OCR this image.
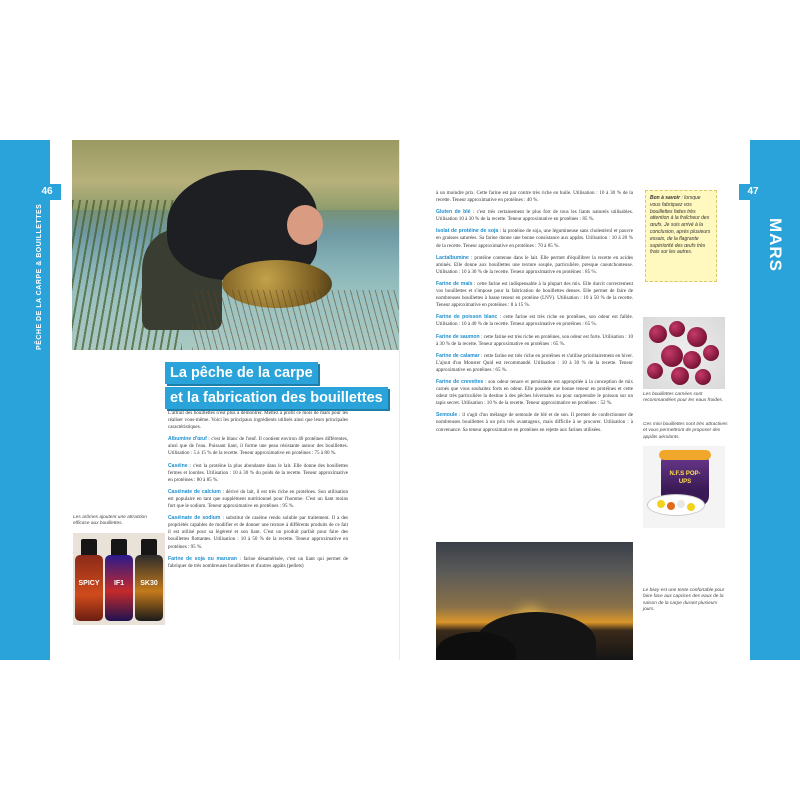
46
PÊCHE DE LA CARPE & BOUILLETTES
La pêche de la carpe
et la fabrication des bouillettes

L'attrait des bouillettes n'est plus à démontrer. Mettez à profit ce mois de mars pour les réaliser vous-même. Voici les principaux ingrédients utilisés ainsi que leurs principales caractéristiques.

Albumine d'œuf : c'est le blanc de l'œuf. Il contient environ 40 protéines différentes, ainsi que de l'eau. Puissant liant, il forme une peau résistante autour des bouillettes. Utilisation : 5 à 15 % de la recette. Teneur approximative en protéines : 75 à 80 %.

Caséine : c'est la protéine la plus abondante dans le lait. Elle donne des bouillettes fermes et lourdes. Utilisation : 10 à 30 % du poids de la recette. Teneur approximative en protéines : 80 à 85 %.

Caséinate de calcium : dérivé du lait, il est très riche en protéines. Son utilisation est populaire en tant que supplément nutritionnel pour l'homme. C'est un liant moins fort que le sodium. Teneur approximative en protéines : 95 %.

Caséinate de sodium : substitut de caséine rendu soluble par traitement. Il a des propriétés capables de modifier et de donner une texture à différents produits de ce fait il est utilisé pour sa légèreté et son liant. C'est un produit parfait pour faire des bouillettes flottantes. Utilisation : 10 à 50 % de la recette. Teneur approximative en protéines : 95 %.

Farine de soja ou maruran : farine désamérisée, c'est un liant qui permet de fabriquer de très nombreuses bouillettes et d'autres appâts (pellets)

Les arômes ajoutent une attraction efficace aux bouillettes.
SPICY	IF1	SK30
47
MARS

à un moindre prix. Cette farine est par contre très riche en huile. Utilisation : 10 à 30 % de la recette. Teneur approximative en protéines : 40 %.

Gluten de blé : c'est très certainement le plus fort de tous les liants naturels utilisables. Utilisation 10 à 30 % de la recette. Teneur approximative en protéines : 85 %.

Isolat de protéine de soja : la protéine de soja, une légumineuse sans cholestérol et pauvre en graisses saturées. Sa farine donne une bonne consistance aux appâts. Utilisation : 10 à 20 % de la recette. Teneur approximative en protéines : 70 à 85 %.

Lactalbumine : protéine contenue dans le lait. Elle permet d'équilibrer la recette en acides aminés. Elle donne aux bouillettes une texture souple, particulière, presque caoutchouteuse. Utilisation : 10 à 30 % de la recette. Teneur approximative en protéines : 85 %.

Farine de maïs : cette farine est indispensable à la plupart des mix. Elle durcit correctement vos bouillettes et s'impose pour la fabrication de bouillettes denses. Elle permet de faire de nombreuses bouillettes à basse teneur en protéine (LNV). Utilisation : 10 à 50 % de la recette. Teneur approximative en protéines : 8 à 15 %.

Farine de poisson blanc : cette farine est très riche en protéines, son odeur est faible. Utilisation : 10 à 40 % de la recette. Teneur approximative en protéines : 65 %.

Farine de saumon : cette farine est très riche en protéines, son odeur est forte. Utilisation : 10 à 30 % de la recette. Teneur approximative en protéines : 65 %.

Farine de calamar : cette farine est très riche en protéines et s'utilise prioritairement en hiver. L'ajout d'un Monster Quid est recommandé. Utilisation : 10 à 30 % de la recette. Teneur approximative en protéines : 65 %.

Farine de crevettes : son odeur tenace et persistante est appropriée à la conception de mix carnés que vous souhaitez forts en odeur. Elle possède une bonne teneur en protéines et cette odeur très particulière la destine à des pêches hivernales ou pour surprendre le poisson sur un tapis secret. Utilisation : 10 % de la recette. Teneur approximative en protéines : 52 %.

Semoule : il s'agit d'un mélange de semoule de blé et de son. Il permet de confectionner de nombreuses bouillettes à un prix très avantageux, mais difficile à se procurer. Utilisation : à convenance. Sa teneur approximative en protéines en rejette aux farines utilisées.

Bon à savoir : lorsque vous fabriquez vos bouillettes faites très attention à la fraîcheur des œufs. Je suis arrivé à la conclusion, après plusieurs essais, de la flagrante supériorité des œufs très frais sur les autres.
Les bouillettes carnées sont recommandées pour les eaux froides.
Ces mini bouillettes sont très attractives et vous permettront de proposer des appâts aérolants.
N.F.S POP-UPS
Le biwy est une tente confortable pour faire face aux caprices des eaux de la saison de la carpe durant plusieurs jours.
